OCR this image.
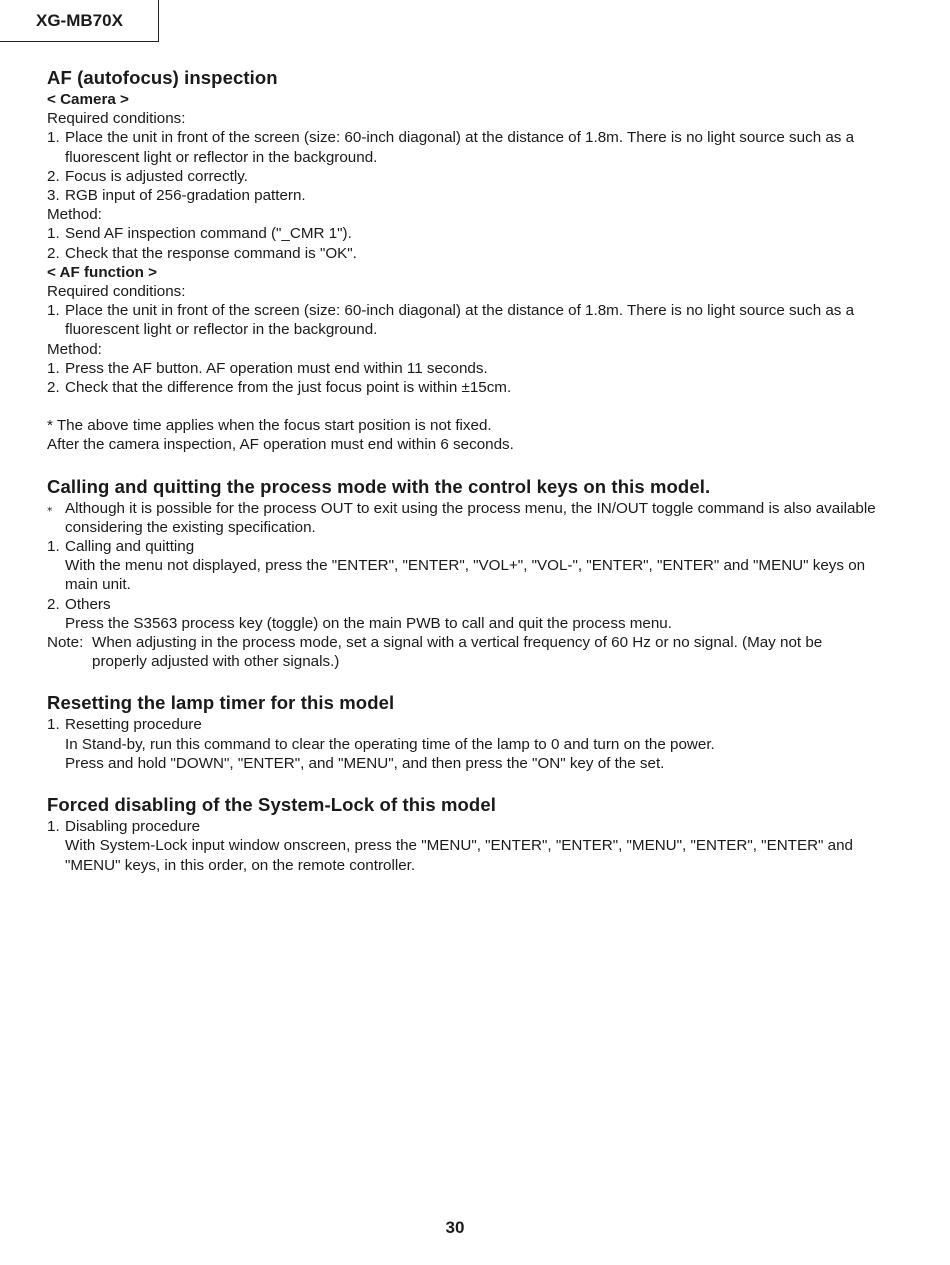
XG-MB70X
AF (autofocus) inspection
< Camera >

Required conditions:

1. Place the unit in front of the screen (size: 60-inch diagonal) at the distance of 1.8m. There is no light source such as a fluorescent light or reflector in the background.
2. Focus is adjusted correctly.
3. RGB input of 256-gradation pattern.

Method:

1. Send AF inspection command ("_CMR 1").
2. Check that the response command is "OK".
< AF function >

Required conditions:

1. Place the unit in front of the screen (size: 60-inch diagonal) at the distance of 1.8m. There is no light source such as a fluorescent light or reflector in the background.

Method:

1. Press the AF button. AF operation must end within 11 seconds.
2. Check that the difference from the just focus point is within ±15cm.

* The above time applies when the focus start position is not fixed.

After the camera inspection, AF operation must end within 6 seconds.

Calling and quitting the process mode with the control keys on this model.
⁎ Although it is possible for the process OUT to exit using the process menu, the IN/OUT toggle command is also available considering the existing specification.
1. Calling and quitting

With the menu not displayed, press the "ENTER", "ENTER", "VOL+", "VOL-", "ENTER", "ENTER" and "MENU" keys on main unit.

2. Others

Press the S3563 process key (toggle) on the main PWB to call and quit the process menu.

Note: When adjusting in the process mode, set a signal with a vertical frequency of 60 Hz or no signal. (May not be properly adjusted with other signals.)
Resetting the lamp timer for this model
1. Resetting procedure

In Stand-by, run this command to clear the operating time of the lamp to 0 and turn on the power.

Press and hold "DOWN", "ENTER", and "MENU", and then press the "ON" key of the set.

Forced disabling of the System-Lock of this model
1. Disabling procedure

With System-Lock input window onscreen, press the "MENU", "ENTER", "ENTER", "MENU", "ENTER", "ENTER" and "MENU" keys, in this order, on the remote controller.

30
